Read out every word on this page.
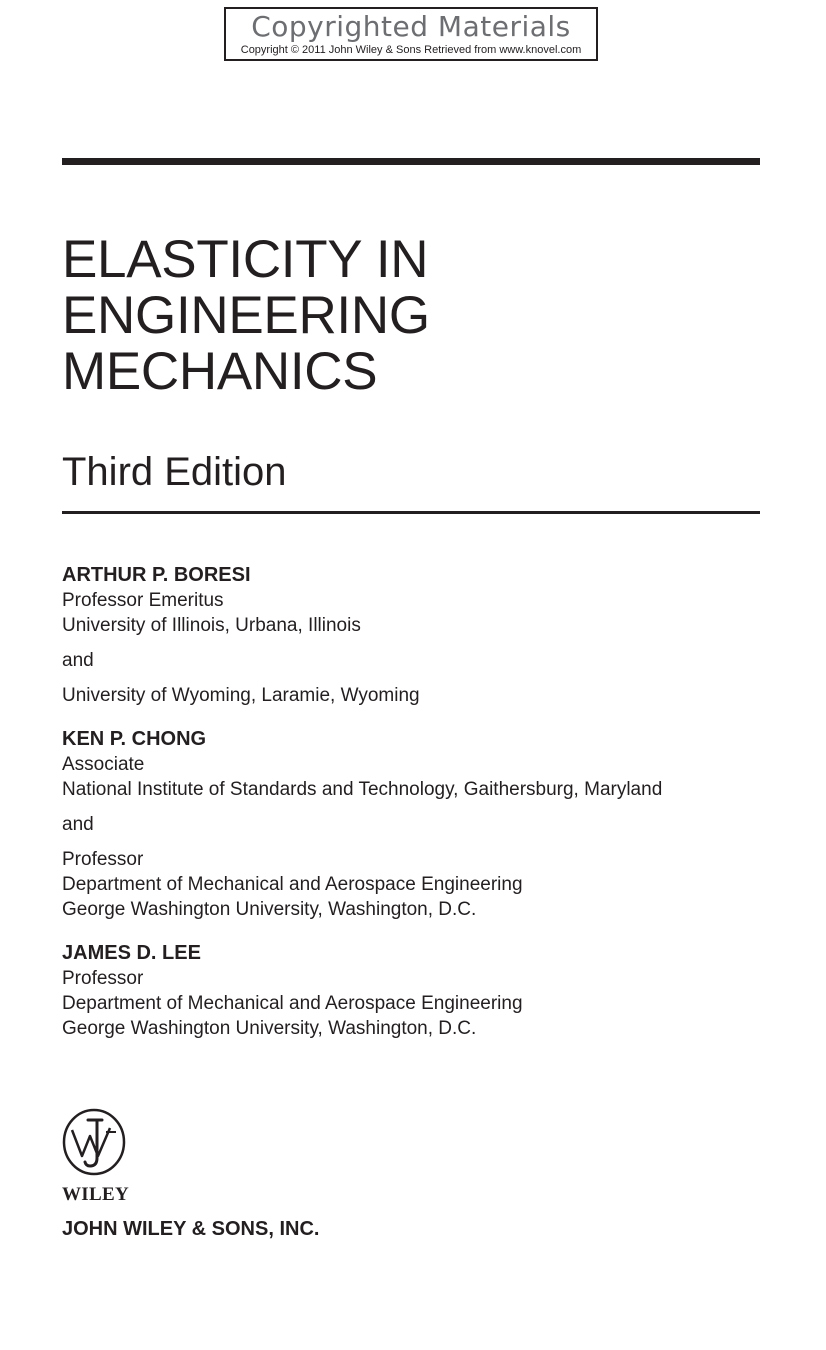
Copyrighted Materials
Copyright © 2011 John Wiley & Sons Retrieved from www.knovel.com
ELASTICITY IN
ENGINEERING
MECHANICS
Third Edition
ARTHUR P. BORESI
Professor Emeritus
University of Illinois, Urbana, Illinois
and
University of Wyoming, Laramie, Wyoming
KEN P. CHONG
Associate
National Institute of Standards and Technology, Gaithersburg, Maryland
and
Professor
Department of Mechanical and Aerospace Engineering
George Washington University, Washington, D.C.
JAMES D. LEE
Professor
Department of Mechanical and Aerospace Engineering
George Washington University, Washington, D.C.
WILEY
JOHN WILEY & SONS, INC.
